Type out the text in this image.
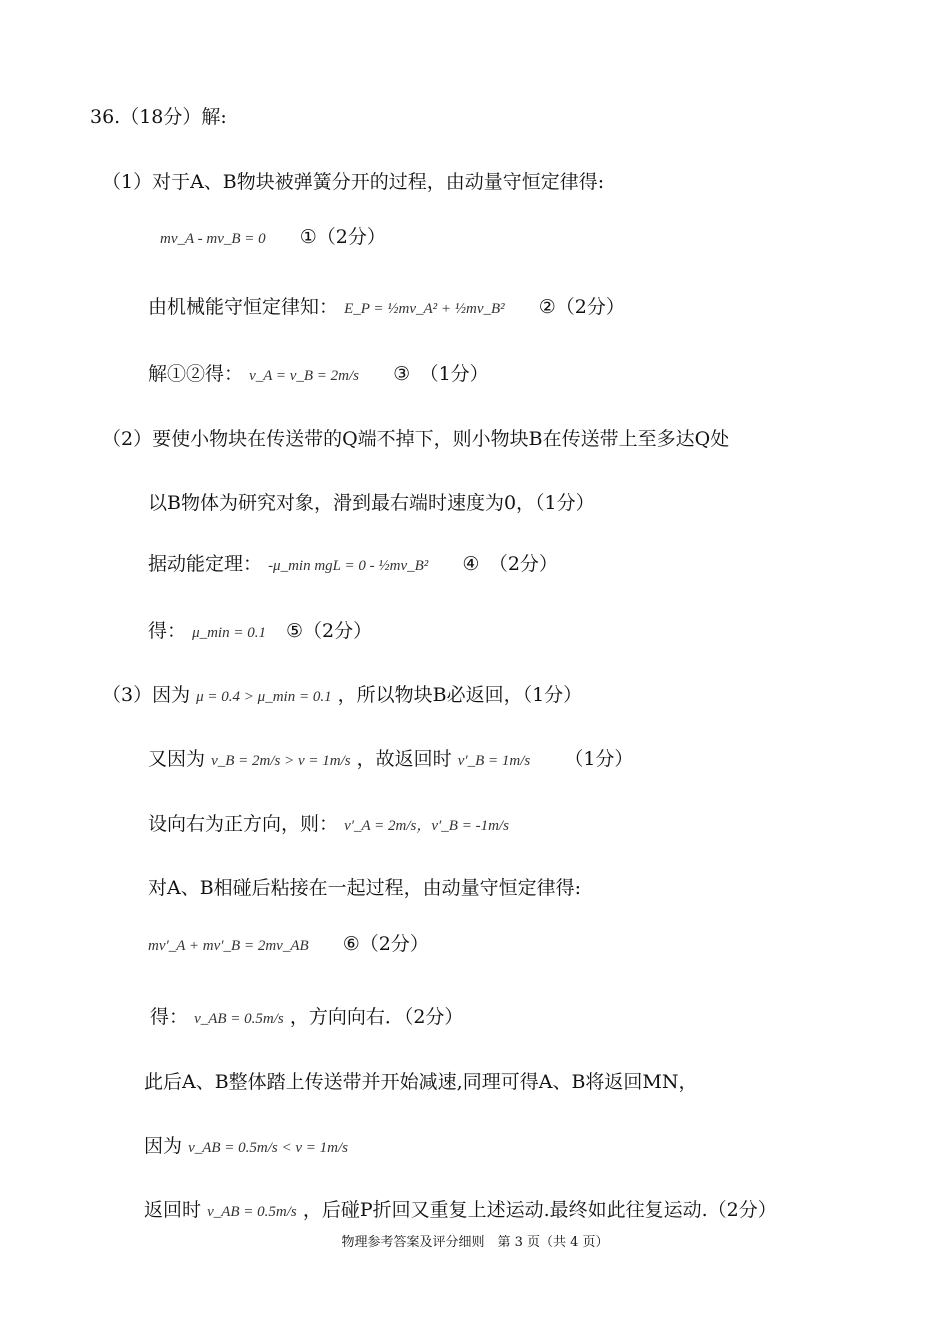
36.（18分）解:
（1）对于A、B物块被弹簧分开的过程，由动量守恒定律得:
mv_A - mv_B = 0 ①（2分）
由机械能守恒定律知： E_P = ½mv_A² + ½mv_B² ②（2分）
解①②得： v_A = v_B = 2m/s ③　（1分）
（2）要使小物块在传送带的Q端不掉下，则小物块B在传送带上至多达Q处
以B物体为研究对象，滑到最右端时速度为0，（1分）
据动能定理： -μ_min mgL = 0 - ½mv_B² ④　（2分）
得： μ_min = 0.1 ⑤（2分）
（3）因为 μ = 0.4 > μ_min = 0.1 ，所以物块B必返回，（1分）
又因为 v_B = 2m/s > v = 1m/s ，故返回时 v′_B = 1m/s （1分）
设向右为正方向，则： v′_A = 2m/s，v′_B = -1m/s
对A、B相碰后粘接在一起过程，由动量守恒定律得:
mv′_A + mv′_B = 2mv_AB ⑥（2分）
得： v_AB = 0.5m/s ，方向向右．（2分）
此后A、B整体踏上传送带并开始减速,同理可得A、B将返回MN，
因为 v_AB = 0.5m/s < v = 1m/s
返回时 v_AB = 0.5m/s ，后碰P折回又重复上述运动.最终如此往复运动.（2分）
物理参考答案及评分细则　第 3 页（共 4 页）
